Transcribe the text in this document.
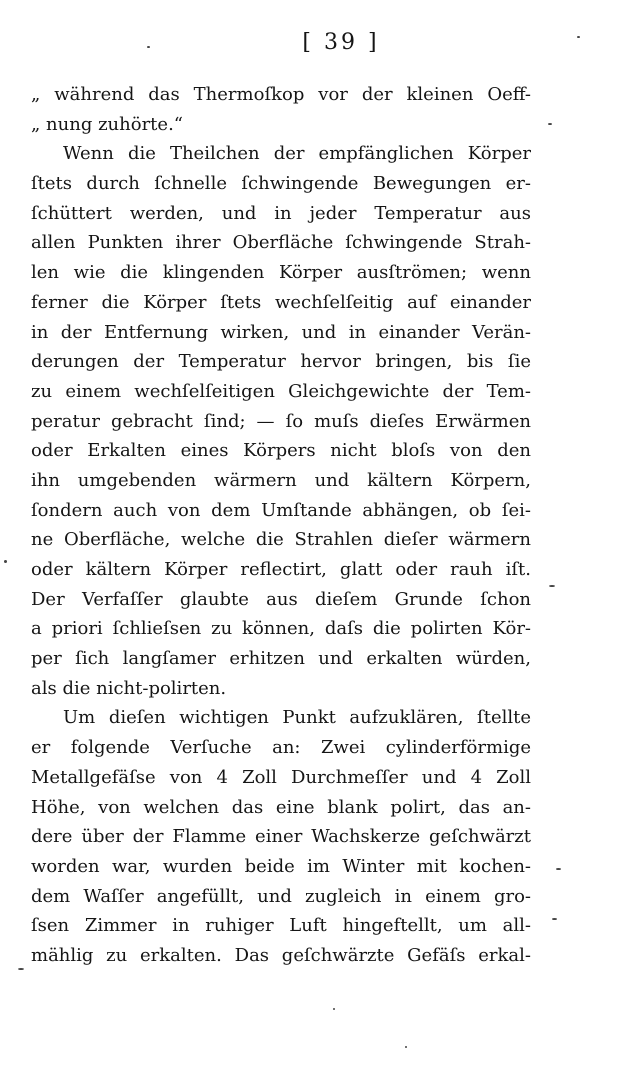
[ 39 ]
„ während das Thermoſkop vor der kleinen Oeff-
„ nung zuhörte.“
Wenn die Theilchen der empfänglichen Körper
ſtets durch ſchnelle ſchwingende Bewegungen er-
ſchüttert werden, und in jeder Temperatur aus
allen Punkten ihrer Oberfläche ſchwingende Strah-
len wie die klingenden Körper ausſtrömen; wenn
ferner die Körper ſtets wechſelſeitig auf einander
in der Entfernung wirken, und in einander Verän-
derungen der Temperatur hervor bringen, bis ſie
zu einem wechſelſeitigen Gleichgewichte der Tem-
peratur gebracht ſind; — ſo muſs dieſes Erwärmen
oder Erkalten eines Körpers nicht bloſs von den
ihn umgebenden wärmern und kältern Körpern,
ſondern auch von dem Umſtande abhängen, ob ſei-
ne Oberfläche, welche die Strahlen dieſer wärmern
oder kältern Körper reflectirt, glatt oder rauh iſt.
Der Verfaſſer glaubte aus dieſem Grunde ſchon
a priori ſchlieſsen zu können, daſs die polirten Kör-
per ſich langſamer erhitzen und erkalten würden,
als die nicht-polirten.
Um dieſen wichtigen Punkt aufzuklären, ſtellte
er folgende Verſuche an: Zwei cylinderförmige
Metallgefäſse von 4 Zoll Durchmeſſer und 4 Zoll
Höhe, von welchen das eine blank polirt, das an-
dere über der Flamme einer Wachskerze geſchwärzt
worden war, wurden beide im Winter mit kochen-
dem Waſſer angefüllt, und zugleich in einem gro-
ſsen Zimmer in ruhiger Luft hingeftellt, um all-
mählig zu erkalten. Das geſchwärzte Gefäſs erkal-
